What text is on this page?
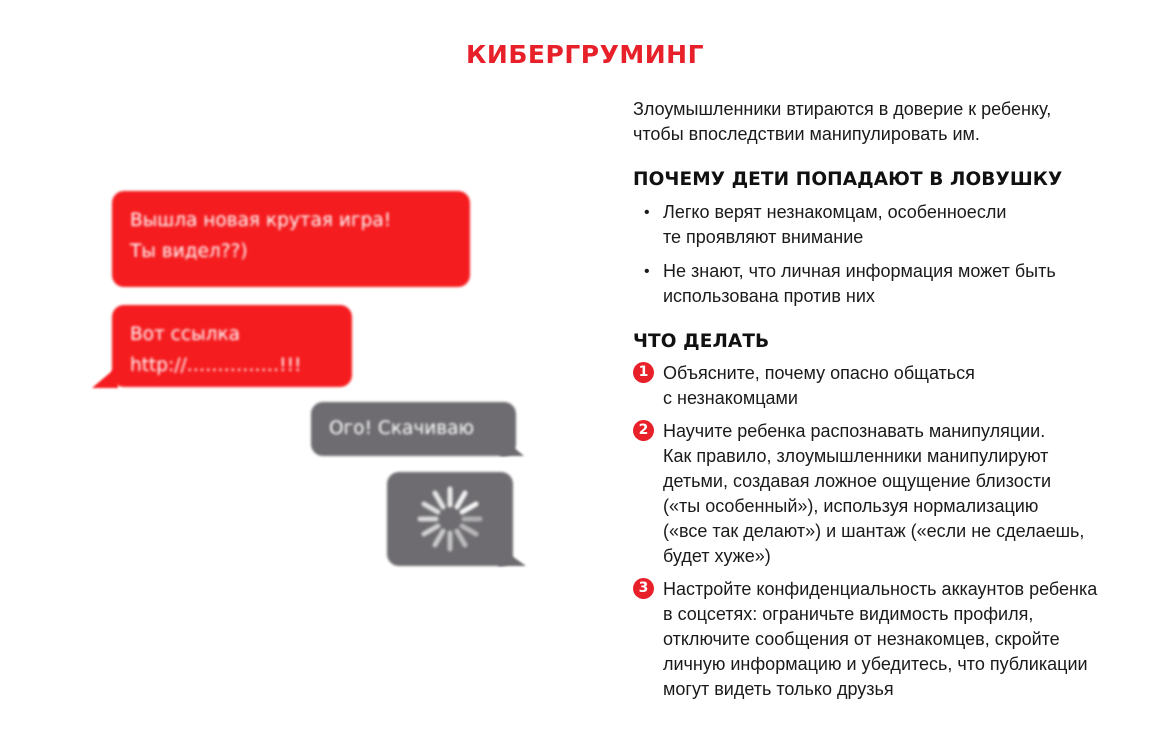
КИБЕРГРУМИНГ
Вышла новая крутая игра!
Ты видел??)
Вот ссылка
http://……………!!!
Ого! Скачиваю

Злоумышленники втираются в доверие к ребенку,
чтобы впоследствии манипулировать им.

ПОЧЕМУ ДЕТИ ПОПАДАЮТ В ЛОВУШКУ
• Легко верят незнакомцам, особенноесли
те проявляют внимание
• Не знают, что личная информация может быть
использована против них
ЧТО ДЕЛАТЬ
1 Объясните, почему опасно общаться
с незнакомцами
2 Научите ребенка распознавать манипуляции.
Как правило, злоумышленники манипулируют
детьми, создавая ложное ощущение близости
(«ты особенный»), используя нормализацию
(«все так делают») и шантаж («если не сделаешь,
будет хуже»)
3 Настройте конфиденциальность аккаунтов ребенка
в соцсетях: ограничьте видимость профиля,
отключите сообщения от незнакомцев, скройте
личную информацию и убедитесь, что публикации
могут видеть только друзья
